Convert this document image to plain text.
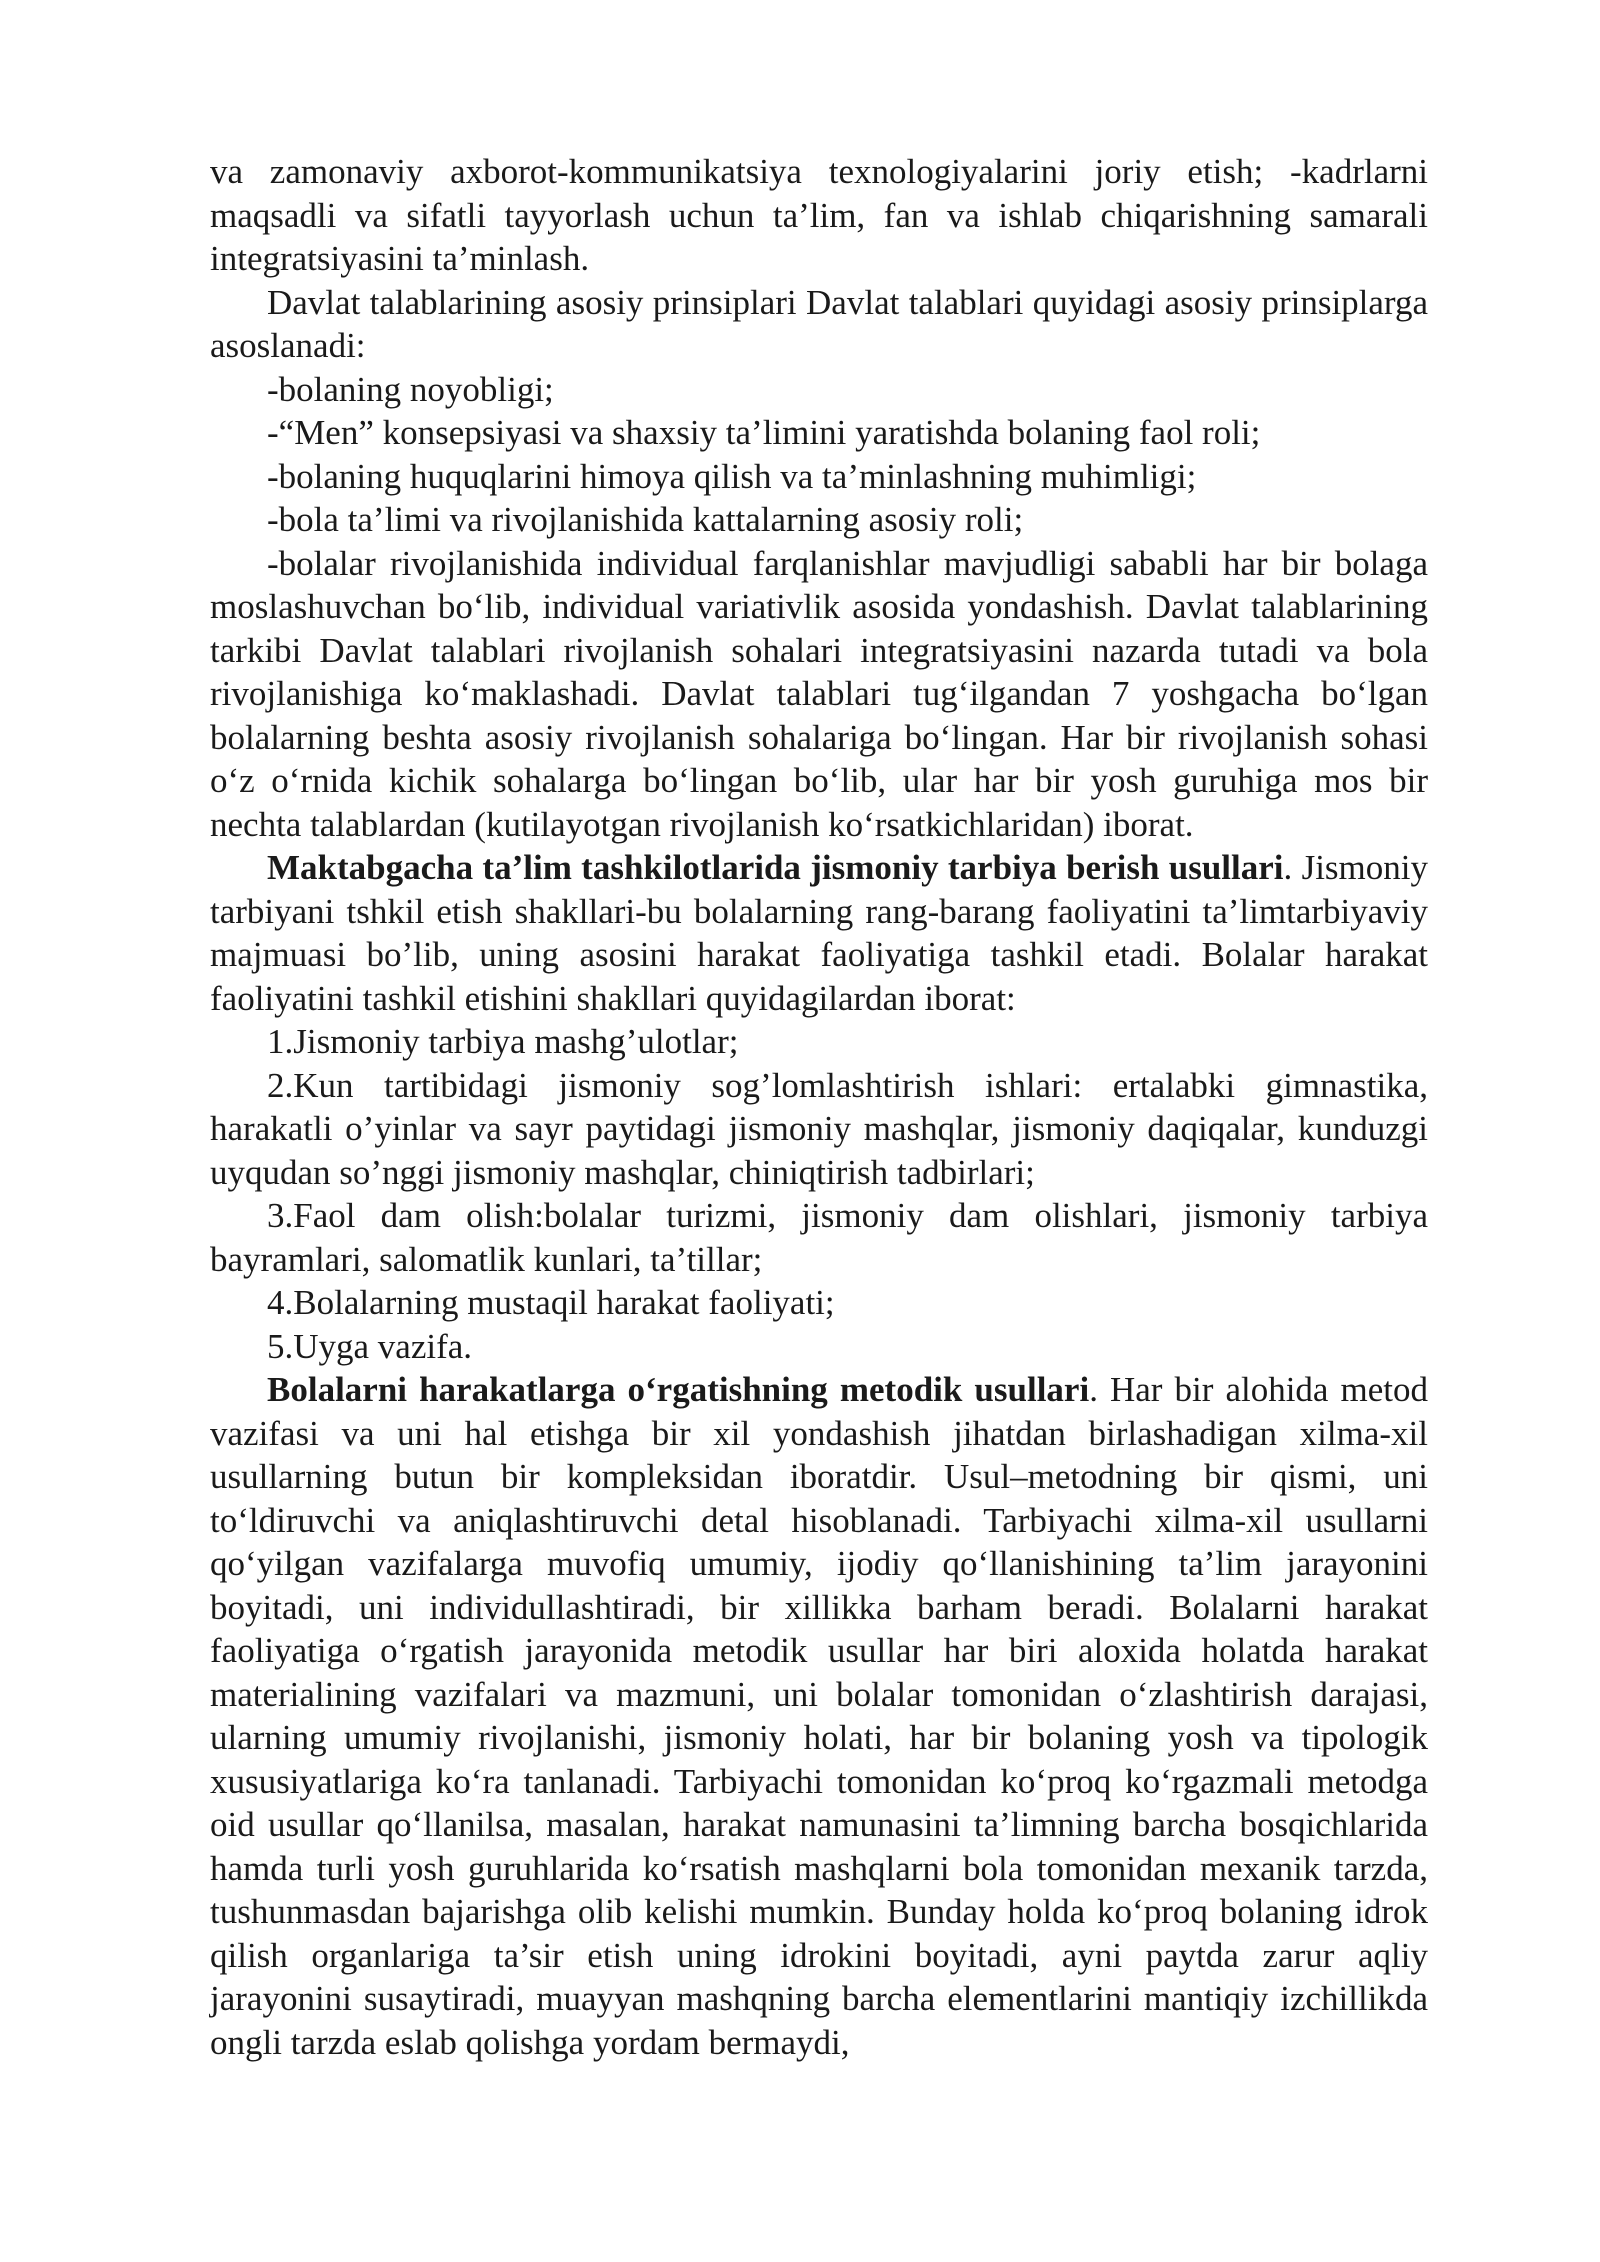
va zamonaviy axborot-kommunikatsiya texnologiyalarini joriy etish; -kadrlarni maqsadli va sifatli tayyorlash uchun ta’lim, fan va ishlab chiqarishning samarali integratsiyasini ta’minlash.

Davlat talablarining asosiy prinsiplari Davlat talablari quyidagi asosiy prinsiplarga asoslanadi:

-bolaning noyobligi;

-“Men” konsepsiyasi va shaxsiy ta’limini yaratishda bolaning faol roli;

-bolaning huquqlarini himoya qilish va ta’minlashning muhimligi;

-bola ta’limi va rivojlanishida kattalarning asosiy roli;

-bolalar rivojlanishida individual farqlanishlar mavjudligi sababli har bir bolaga moslashuvchan bo‘lib, individual variativlik asosida yondashish. Davlat talablarining tarkibi Davlat talablari rivojlanish sohalari integratsiyasini nazarda tutadi va bola rivojlanishiga ko‘maklashadi. Davlat talablari tug‘ilgandan 7 yoshgacha bo‘lgan bolalarning beshta asosiy rivojlanish sohalariga bo‘lingan. Har bir rivojlanish sohasi o‘z o‘rnida kichik sohalarga bo‘lingan bo‘lib, ular har bir yosh guruhiga mos bir nechta talablardan (kutilayotgan rivojlanish ko‘rsatkichlaridan) iborat.

Maktabgacha ta’lim tashkilotlarida jismoniy tarbiya berish usullari. Jismoniy tarbiyani tshkil etish shakllari-bu bolalarning rang-barang faoliyatini ta’limtarbiyaviy majmuasi bo’lib, uning asosini harakat faoliyatiga tashkil etadi. Bolalar harakat faoliyatini tashkil etishini shakllari quyidagilardan iborat:

1.Jismoniy tarbiya mashg’ulotlar;

2.Kun tartibidagi jismoniy sog’lomlashtirish ishlari: ertalabki gimnastika, harakatli o’yinlar va sayr paytidagi jismoniy mashqlar, jismoniy daqiqalar, kunduzgi uyqudan so’nggi jismoniy mashqlar, chiniqtirish tadbirlari;

3.Faol dam olish:bolalar turizmi, jismoniy dam olishlari, jismoniy tarbiya bayramlari, salomatlik kunlari, ta’tillar;

4.Bolalarning mustaqil harakat faoliyati;

5.Uyga vazifa.

Bolalarni harakatlarga o‘rgatishning metodik usullari. Har bir alohida metod vazifasi va uni hal etishga bir xil yondashish jihatdan birlashadigan xilma-xil usullarning butun bir kompleksidan iboratdir. Usul–metodning bir qismi, uni to‘ldiruvchi va aniqlashtiruvchi detal hisoblanadi. Tarbiyachi xilma-xil usullarni qo‘yilgan vazifalarga muvofiq umumiy, ijodiy qo‘llanishining ta’lim jarayonini boyitadi, uni individullashtiradi, bir xillikka barham beradi. Bolalarni harakat faoliyatiga o‘rgatish jarayonida metodik usullar har biri aloxida holatda harakat materialining vazifalari va mazmuni, uni bolalar tomonidan o‘zlashtirish darajasi, ularning umumiy rivojlanishi, jismoniy holati, har bir bolaning yosh va tipologik xususiyatlariga ko‘ra tanlanadi. Tarbiyachi tomonidan ko‘proq ko‘rgazmali metodga oid usullar qo‘llanilsa, masalan, harakat namunasini ta’limning barcha bosqichlarida hamda turli yosh guruhlarida ko‘rsatish mashqlarni bola tomonidan mexanik tarzda, tushunmasdan bajarishga olib kelishi mumkin. Bunday holda ko‘proq bolaning idrok qilish organlariga ta’sir etish uning idrokini boyitadi, ayni paytda zarur aqliy jarayonini susaytiradi, muayyan mashqning barcha elementlarini mantiqiy izchillikda ongli tarzda eslab qolishga yordam bermaydi,
